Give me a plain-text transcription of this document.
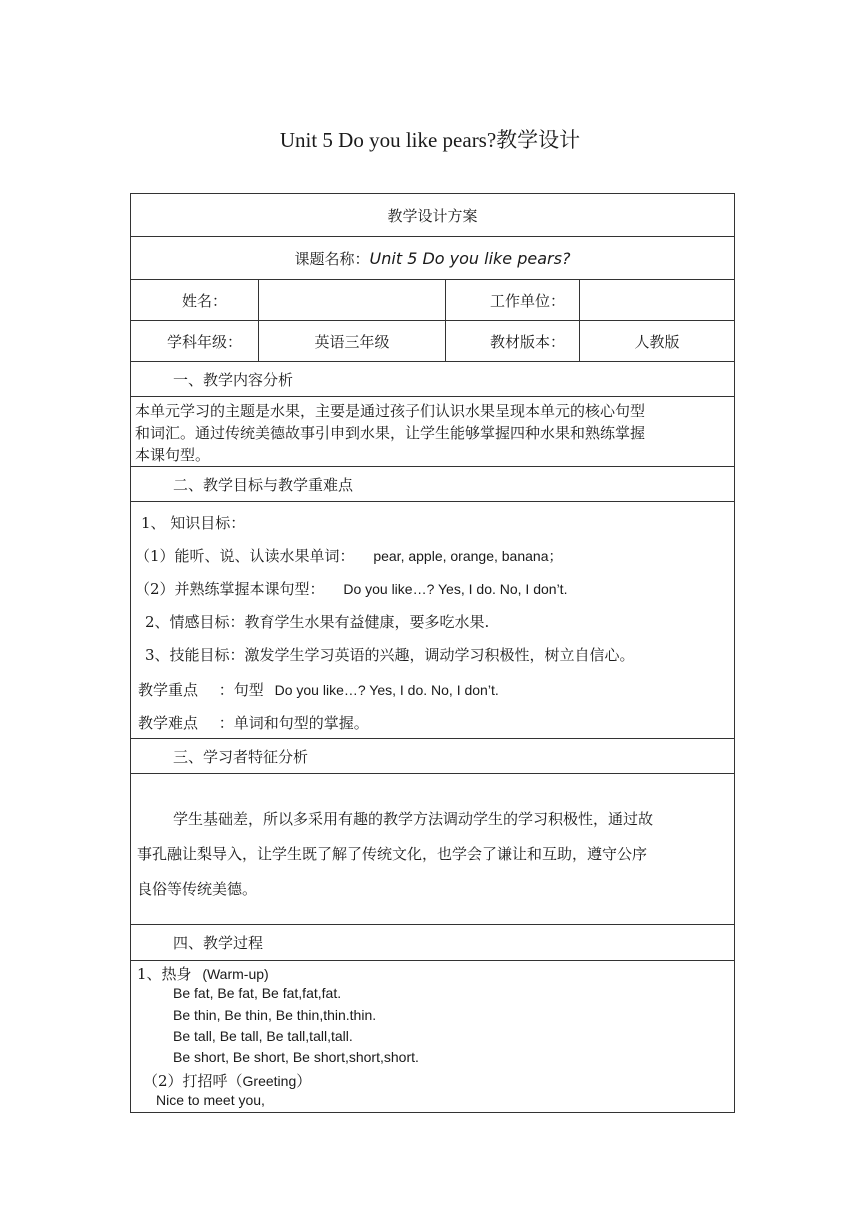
Unit 5 Do you like pears?教学设计
教学设计方案
课题名称： Unit 5 Do you like pears?
姓名：	工作单位：
学科年级：	英语三年级	教材版本：	人教版
一、教学内容分析
本单元学习的主题是水果，主要是通过孩子们认识水果呈现本单元的核心句型
和词汇。通过传统美德故事引申到水果，让学生能够掌握四种水果和熟练掌握
本课句型。
二、教学目标与教学重难点
1、 知识目标：
（1）能听、说、认读水果单词： pear, apple, orange, banana；
（2）并熟练掌握本课句型： Do you like…? Yes, I do. No, I don’t.
2、情感目标：教育学生水果有益健康，要多吃水果.
3、技能目标：激发学生学习英语的兴趣，调动学习积极性，树立自信心。
教学重点 ：句型 Do you like…? Yes, I do. No, I don’t.
教学难点 ：单词和句型的掌握。
三、学习者特征分析
学生基础差，所以多采用有趣的教学方法调动学生的学习积极性，通过故
事孔融让梨导入，让学生既了解了传统文化，也学会了谦让和互助，遵守公序
良俗等传统美德。
四、教学过程
1、热身 (Warm-up)
Be fat, Be fat, Be fat,fat,fat.
Be thin, Be thin, Be thin,thin.thin.
Be tall, Be tall, Be tall,tall,tall.
Be short, Be short, Be short,short,short.
（2）打招呼（Greeting）
Nice to meet you,
